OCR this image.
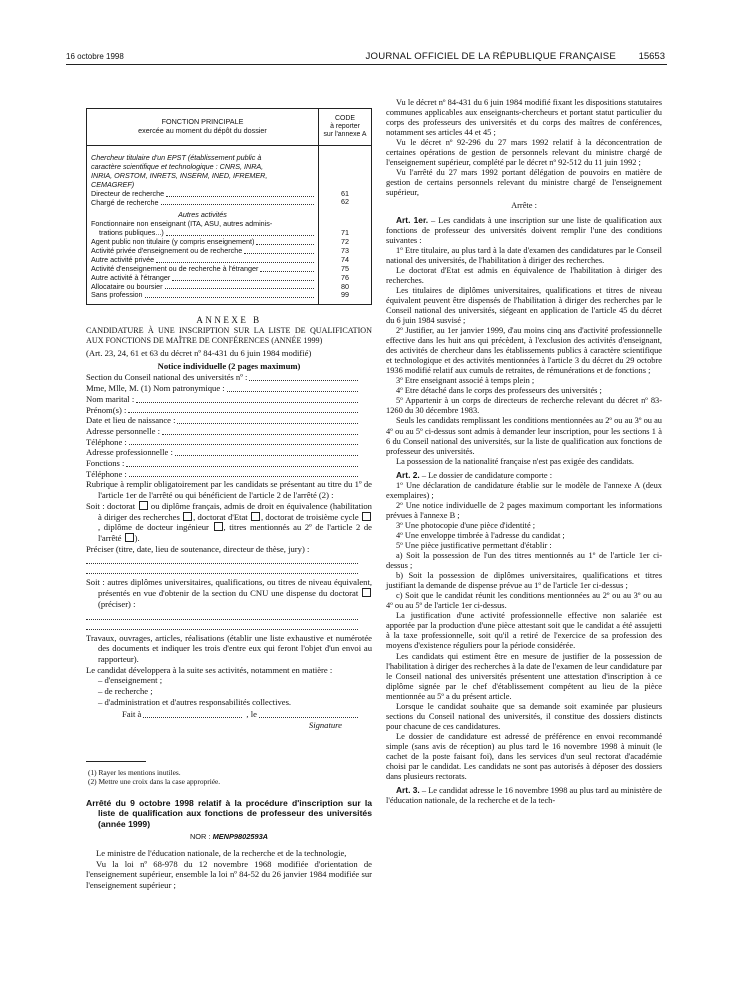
16 octobre 1998	JOURNAL OFFICIEL DE LA RÉPUBLIQUE FRANÇAISE 15653
FONCTION PRINCIPALE
exercée au moment du dépôt du dossier
CODE
à reporter
sur l'annexe A
Chercheur titulaire d'un EPST (établissement public à
caractère scientifique et technologique : CNRS, INRA,
INRIA, ORSTOM, INRETS, INSERM, INED, IFREMER,
CEMAGREF)
Directeur de recherche
Chargé de recherche
Autres activités
Fonctionnaire non enseignant (ITA, ASU, autres adminis-
trations publiques...)
Agent public non titulaire (y compris enseignement)
Activité privée d'enseignement ou de recherche
Autre activité privée
Activité d'enseignement ou de recherche à l'étranger
Autre activité à l'étranger
Allocataire ou boursier
Sans profession
61
62
71
72
73
74
75
76
80
99
ANNEXE B

CANDIDATURE À UNE INSCRIPTION SUR LA LISTE DE QUALIFICATION AUX FONCTIONS DE MAÎTRE DE CONFÉRENCES (ANNÉE 1999)

(Art. 23, 24, 61 et 63 du décret nº 84-431 du 6 juin 1984 modifié)

Notice individuelle (2 pages maximum)
Section du Conseil national des universités nº :
Mme, Mlle, M. (1) Nom patronymique :
Nom marital :
Prénom(s) :
Date et lieu de naissance :
Adresse personnelle :
Téléphone :
Adresse professionnelle :
Fonctions :
Téléphone :

Rubrique à remplir obligatoirement par les candidats se présentant au titre du 1º de l'article 1er de l'arrêté ou qui bénéficient de l'article 2 de l'arrêté (2) :

Soit : doctorat ou diplôme français, admis de droit en équivalence (habilitation à diriger des recherches , doctorat d'Etat , doctorat de troisième cycle , diplôme de docteur ingénieur , titres mentionnés au 2º de l'article 2 de l'arrêté ).

Préciser (titre, date, lieu de soutenance, directeur de thèse, jury) :

Soit : autres diplômes universitaires, qualifications, ou titres de niveau équivalent, présentés en vue d'obtenir de la section du CNU une dispense du doctorat  (préciser) :

Travaux, ouvrages, articles, réalisations (établir une liste exhaustive et numérotée des documents et indiquer les trois d'entre eux qui feront l'objet d'un envoi au rapporteur).

Le candidat développera à la suite ses activités, notamment en matière :

– d'enseignement ;
– de recherche ;
– d'administration et d'autres responsabilités collectives.
Fait à	, le
Signature
(1) Rayer les mentions inutiles.
(2) Mettre une croix dans la case appropriée.
Arrêté du 9 octobre 1998 relatif à la procédure d'inscription sur la liste de qualification aux fonctions de professeur des universités (année 1999)
NOR : MENP9802593A

Le ministre de l'éducation nationale, de la recherche et de la technologie,

Vu la loi nº 68-978 du 12 novembre 1968 modifiée d'orientation de l'enseignement supérieur, ensemble la loi nº 84-52 du 26 janvier 1984 modifiée sur l'enseignement supérieur ;

Vu le décret nº 84-431 du 6 juin 1984 modifié fixant les dispositions statutaires communes applicables aux enseignants-chercheurs et portant statut particulier du corps des professeurs des universités et du corps des maîtres de conférences, notamment ses articles 44 et 45 ;

Vu le décret nº 92-296 du 27 mars 1992 relatif à la déconcentration de certaines opérations de gestion de personnels relevant du ministre chargé de l'enseignement supérieur, complété par le décret nº 92-512 du 11 juin 1992 ;

Vu l'arrêté du 27 mars 1992 portant délégation de pouvoirs en matière de gestion de certains personnels relevant du ministre chargé de l'enseignement supérieur,

Arrête :

Art. 1er. – Les candidats à une inscription sur une liste de qualification aux fonctions de professeur des universités doivent remplir l'une des conditions suivantes :

1º Etre titulaire, au plus tard à la date d'examen des candidatures par le Conseil national des universités, de l'habilitation à diriger des recherches.

Le doctorat d'Etat est admis en équivalence de l'habilitation à diriger des recherches.

Les titulaires de diplômes universitaires, qualifications et titres de niveau équivalent peuvent être dispensés de l'habilitation à diriger des recherches par le Conseil national des universités, siégeant en application de l'article 45 du décret du 6 juin 1984 susvisé ;

2º Justifier, au 1er janvier 1999, d'au moins cinq ans d'activité professionnelle effective dans les huit ans qui précèdent, à l'exclusion des activités d'enseignant, des activités de chercheur dans les établissements publics à caractère scientifique et technologique et des activités mentionnées à l'article 3 du décret du 29 octobre 1936 modifié relatif aux cumuls de retraites, de rémunérations et de fonctions ;

3º Etre enseignant associé à temps plein ;

4º Etre détaché dans le corps des professeurs des universités ;

5º Appartenir à un corps de directeurs de recherche relevant du décret nº 83-1260 du 30 décembre 1983.

Seuls les candidats remplissant les conditions mentionnées au 2º ou au 3º ou au 4º ou au 5º ci-dessus sont admis à demander leur inscription, pour les sections 1 à 6 du Conseil national des universités, sur la liste de qualification aux fonctions de professeur des universités.

La possession de la nationalité française n'est pas exigée des candidats.

Art. 2. – Le dossier de candidature comporte :

1º Une déclaration de candidature établie sur le modèle de l'annexe A (deux exemplaires) ;

2º Une notice individuelle de 2 pages maximum comportant les informations prévues à l'annexe B ;

3º Une photocopie d'une pièce d'identité ;

4º Une enveloppe timbrée à l'adresse du candidat ;

5º Une pièce justificative permettant d'établir :

a) Soit la possession de l'un des titres mentionnés au 1º de l'article 1er ci-dessus ;

b) Soit la possession de diplômes universitaires, qualifications et titres justifiant la demande de dispense prévue au 1º de l'article 1er ci-dessus ;

c) Soit que le candidat réunit les conditions mentionnées au 2º ou au 3º ou au 4º ou au 5º de l'article 1er ci-dessus.

La justification d'une activité professionnelle effective non salariée est apportée par la production d'une pièce attestant soit que le candidat a été assujetti à la taxe professionnelle, soit qu'il a retiré de l'exercice de sa profession des moyens d'existence réguliers pour la période considérée.

Les candidats qui estiment être en mesure de justifier de la possession de l'habilitation à diriger des recherches à la date de l'examen de leur candidature par le Conseil national des universités présentent une attestation d'inscription à ce diplôme signée par le chef d'établissement compétent au lieu de la pièce mentionnée au 5º a du présent article.

Lorsque le candidat souhaite que sa demande soit examinée par plusieurs sections du Conseil national des universités, il constitue des dossiers distincts pour chacune de ces candidatures.

Le dossier de candidature est adressé de préférence en envoi recommandé simple (sans avis de réception) au plus tard le 16 novembre 1998 à minuit (le cachet de la poste faisant foi), dans les services d'un seul rectorat d'académie choisi par le candidat. Les candidats ne sont pas autorisés à déposer des dossiers dans plusieurs rectorats.

Art. 3. – Le candidat adresse le 16 novembre 1998 au plus tard au ministère de l'éducation nationale, de la recherche et de la tech-
